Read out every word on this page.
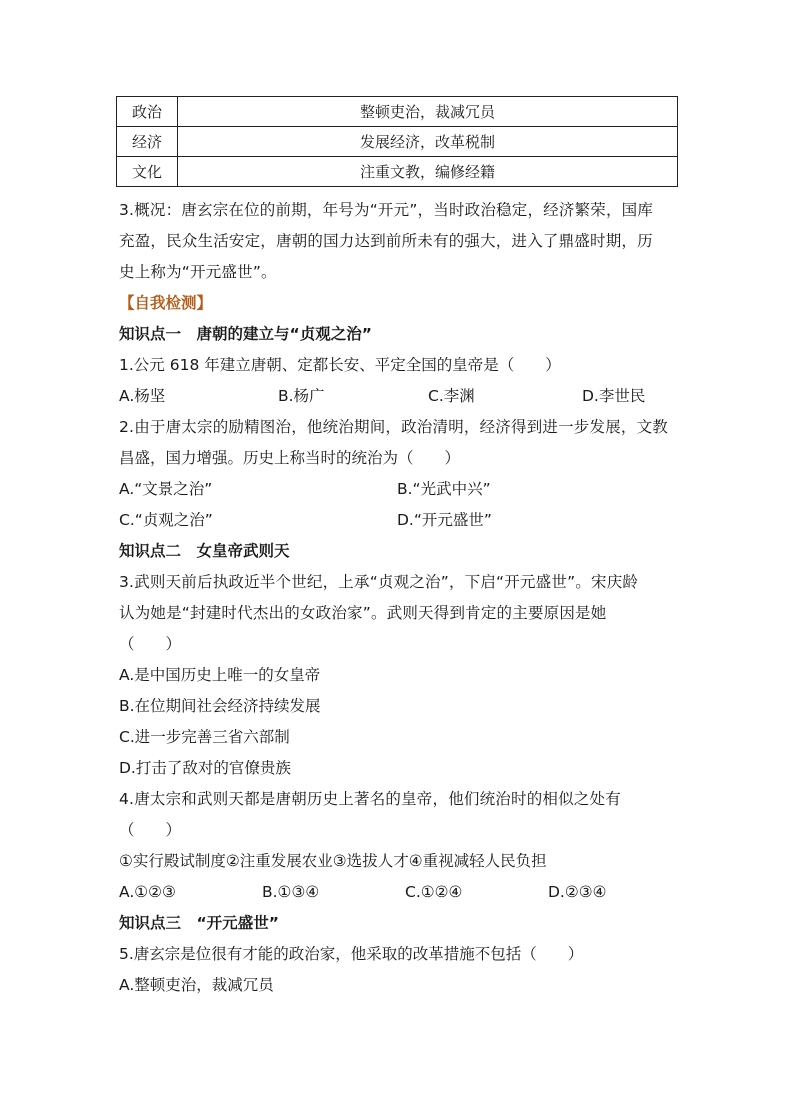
政治	整顿吏治，裁减冗员
经济	发展经济，改革税制
文化	注重文教，编修经籍
3.概况：唐玄宗在位的前期，年号为“开元”，当时政治稳定，经济繁荣，国库
充盈，民众生活安定，唐朝的国力达到前所未有的强大，进入了鼎盛时期，历
史上称为“开元盛世”。
【自我检测】
知识点一　唐朝的建立与“贞观之治”
1.公元 618 年建立唐朝、定都长安、平定全国的皇帝是（　　）
A.杨坚	B.杨广	C.李渊	D.李世民
2.由于唐太宗的励精图治，他统治期间，政治清明，经济得到进一步发展，文教
昌盛，国力增强。历史上称当时的统治为（　　）
A.“文景之治”	B.“光武中兴”
C.“贞观之治”	D.“开元盛世”
知识点二　女皇帝武则天
3.武则天前后执政近半个世纪，上承“贞观之治”，下启“开元盛世”。宋庆龄
认为她是“封建时代杰出的女政治家”。武则天得到肯定的主要原因是她
（　　）
A.是中国历史上唯一的女皇帝
B.在位期间社会经济持续发展
C.进一步完善三省六部制
D.打击了敌对的官僚贵族
4.唐太宗和武则天都是唐朝历史上著名的皇帝，他们统治时的相似之处有
（　　）
①实行殿试制度②注重发展农业③选拔人才④重视减轻人民负担
A.①②③	B.①③④	C.①②④	D.②③④
知识点三　“开元盛世”
5.唐玄宗是位很有才能的政治家，他采取的改革措施不包括（　　）
A.整顿吏治，裁减冗员
